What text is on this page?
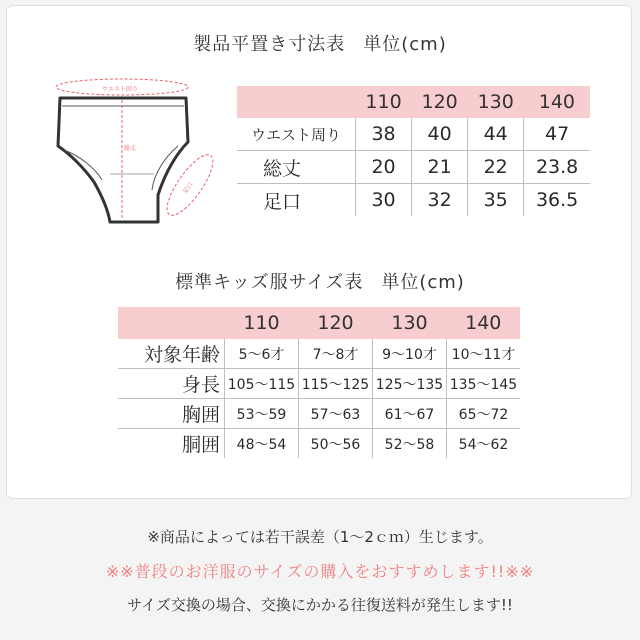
製品平置き寸法表 単位(cm)
ウエスト回り
総丈
足口
	110	120	130	140
ウエスト周り	38	40	44	47
総丈	20	21	22	23.8
足口	30	32	35	36.5
標準キッズ服サイズ表 単位(cm)
	110	120	130	140
対象年齢	5〜6才	7〜8才	9〜10才	10〜11才
身長	105〜115	115〜125	125〜135	135〜145
胸囲	53〜59	57〜63	61〜67	65〜72
胴囲	48〜54	50〜56	52〜58	54〜62
※商品によっては若干誤差（1〜2ｃｍ）生じます。
※※普段のお洋服のサイズの購入をおすすめします!!※※
サイズ交換の場合、交換にかかる往復送料が発生します!!
